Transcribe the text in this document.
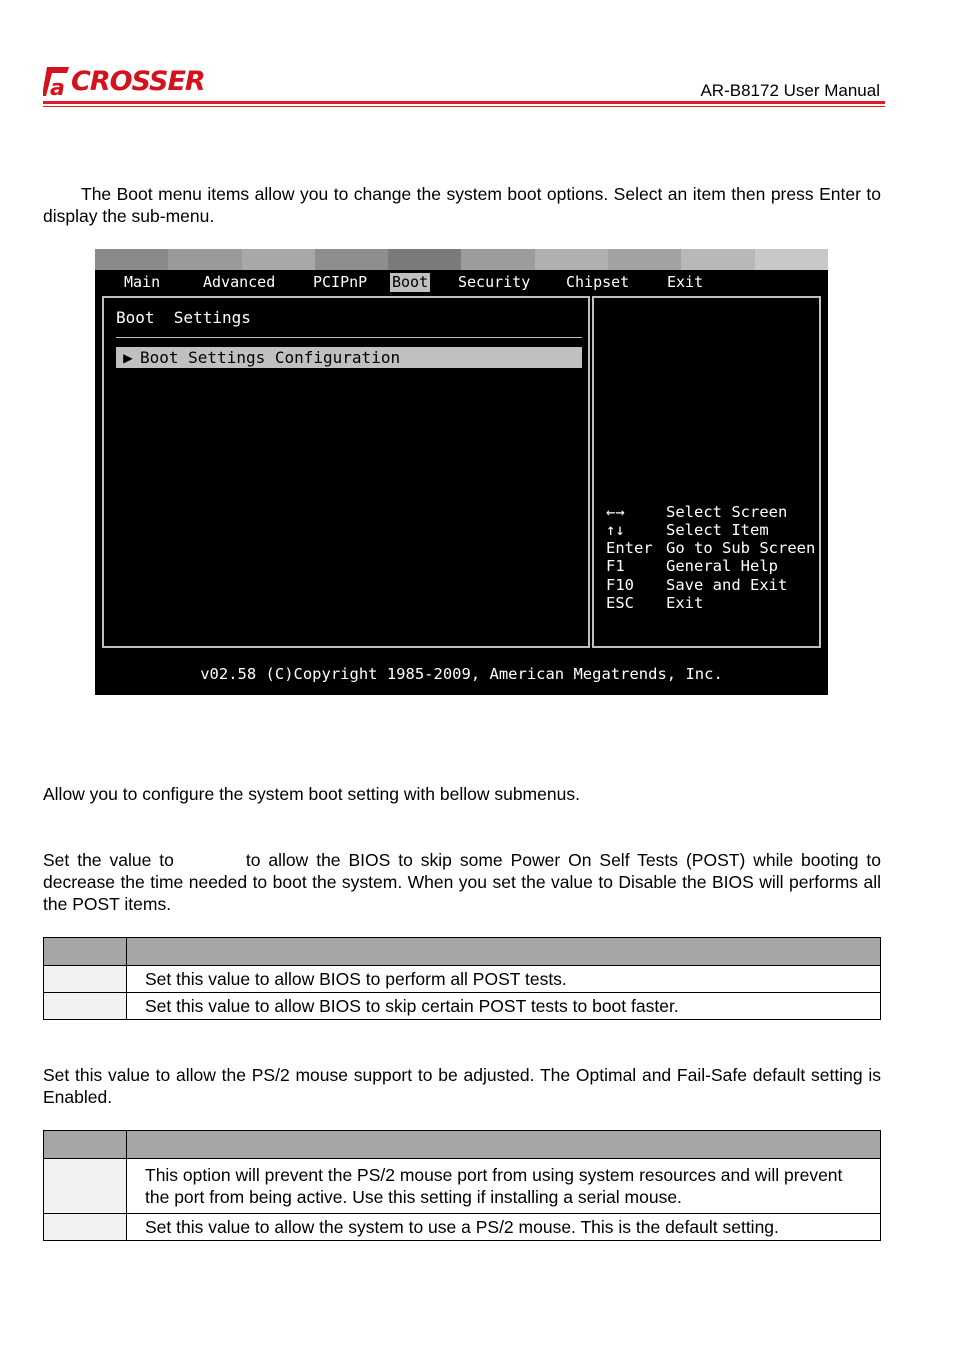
a CROSSER	AR-B8172 User Manual
The Boot menu items allow you to change the system boot options. Select an item then press Enter to display the sub-menu.
Main	Advanced	PCIPnP Boot Security Chipset	Exit
Boot  Settings
▶ Boot Settings Configuration
←→	Select Screen
↑↓	Select Item
Enter Go to Sub Screen
F1	General Help
F10 Save and Exit
ESC Exit
v02.58 (C)Copyright 1985-2009, American Megatrends, Inc.
Allow you to configure the system boot setting with bellow submenus.
Set the value to	to allow the BIOS to skip some Power On Self Tests (POST) while booting to decrease the time needed to boot the system. When you set the value to Disable the BIOS will performs all the POST items.

	Set this value to allow BIOS to perform all POST tests.
	Set this value to allow BIOS to skip certain POST tests to boot faster.
Set this value to allow the PS/2 mouse support to be adjusted. The Optimal and Fail-Safe default setting is Enabled.

	This option will prevent the PS/2 mouse port from using system resources and will prevent the port from being active. Use this setting if installing a serial mouse.
	Set this value to allow the system to use a PS/2 mouse. This is the default setting.
